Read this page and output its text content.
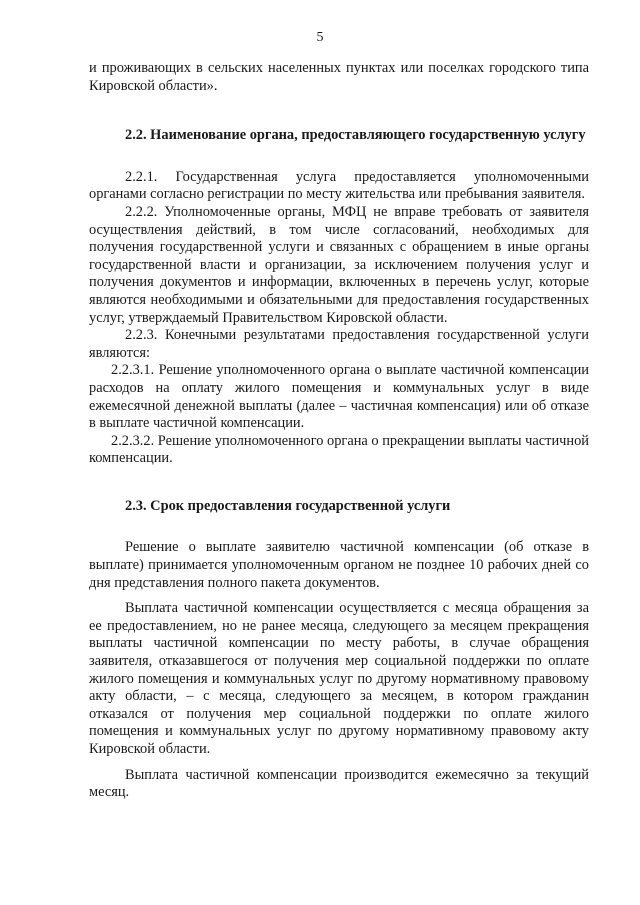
5

и проживающих в сельских населенных пунктах или поселках городского типа Кировской области».

2.2. Наименование органа, предоставляющего государственную услугу

2.2.1. Государственная услуга предоставляется уполномоченными органами согласно регистрации по месту жительства или пребывания заявителя.

2.2.2. Уполномоченные органы, МФЦ не вправе требовать от заявителя осуществления действий, в том числе согласований, необходимых для получения государственной услуги и связанных с обращением в иные органы государственной власти и организации, за исключением получения услуг и получения документов и информации, включенных в перечень услуг, которые являются необходимыми и обязательными для предоставления государственных услуг, утверждаемый Правительством Кировской области.

2.2.3. Конечными результатами предоставления государственной услуги являются:

2.2.3.1. Решение уполномоченного органа о выплате частичной компенсации расходов на оплату жилого помещения и коммунальных услуг в виде ежемесячной денежной выплаты (далее – частичная компенсация) или об отказе в выплате частичной компенсации.

2.2.3.2. Решение уполномоченного органа о прекращении выплаты частичной компенсации.

2.3. Срок предоставления государственной услуги

Решение о выплате заявителю частичной компенсации (об отказе в выплате) принимается уполномоченным органом не позднее 10 рабочих дней со дня представления полного пакета документов.

Выплата частичной компенсации осуществляется с месяца обращения за ее предоставлением, но не ранее месяца, следующего за месяцем прекращения выплаты частичной компенсации по месту работы, в случае обращения заявителя, отказавшегося от получения мер социальной поддержки по оплате жилого помещения и коммунальных услуг по другому нормативному правовому акту области, – с месяца, следующего за месяцем, в котором гражданин отказался от получения мер социальной поддержки по оплате жилого помещения и коммунальных услуг по другому нормативному правовому акту Кировской области.

Выплата частичной компенсации производится ежемесячно за текущий месяц.
